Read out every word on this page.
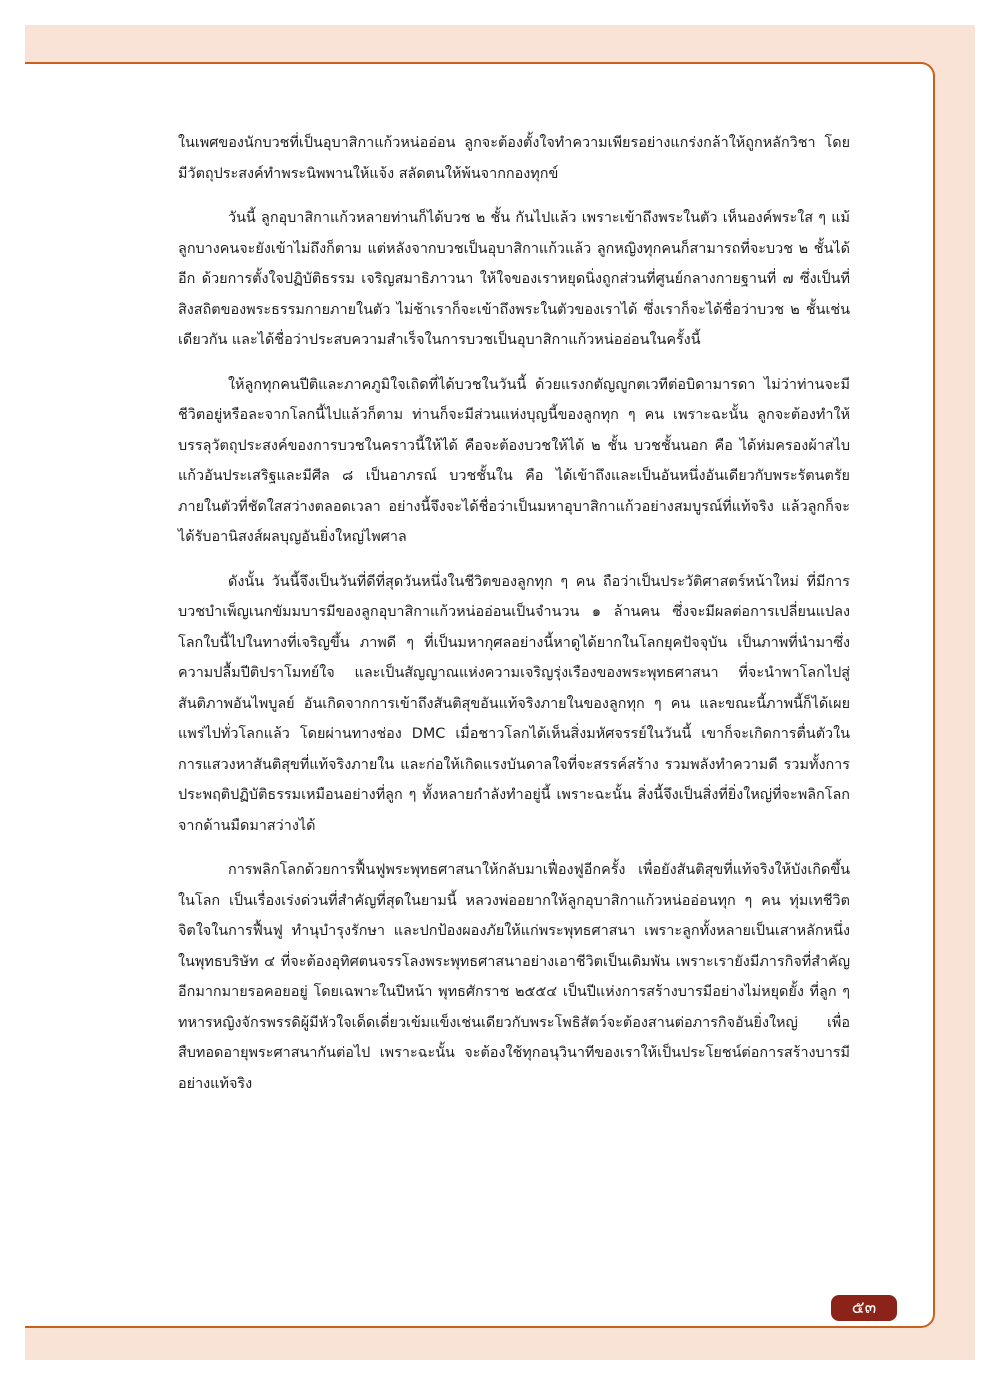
ในเพศของนักบวชที่เป็นอุบาสิกาแก้วหน่ออ่อน ลูกจะต้องตั้งใจทำความเพียรอย่างแกร่งกล้าให้ถูกหลักวิชา โดยมีวัตถุประสงค์ทำพระนิพพานให้แจ้ง สลัดตนให้พ้นจากกองทุกข์

วันนี้ ลูกอุบาสิกาแก้วหลายท่านก็ได้บวช ๒ ชั้น กันไปแล้ว เพราะเข้าถึงพระในตัว เห็นองค์พระใส ๆ แม้ลูกบางคนจะยังเข้าไม่ถึงก็ตาม แต่หลังจากบวชเป็นอุบาสิกาแก้วแล้ว ลูกหญิงทุกคนก็สามารถที่จะบวช ๒ ชั้นได้อีก ด้วยการตั้งใจปฏิบัติธรรม เจริญสมาธิภาวนา ให้ใจของเราหยุดนิ่งถูกส่วนที่ศูนย์กลางกายฐานที่ ๗ ซึ่งเป็นที่สิงสถิตของพระธรรมกายภายในตัว ไม่ช้าเราก็จะเข้าถึงพระในตัวของเราได้ ซึ่งเราก็จะได้ชื่อว่าบวช ๒ ชั้นเช่นเดียวกัน และได้ชื่อว่าประสบความสำเร็จในการบวชเป็นอุบาสิกาแก้วหน่ออ่อนในครั้งนี้

ให้ลูกทุกคนปีติและภาคภูมิใจเถิดที่ได้บวชในวันนี้ ด้วยแรงกตัญญูกตเวทีต่อบิดามารดา ไม่ว่าท่านจะมีชีวิตอยู่หรือละจากโลกนี้ไปแล้วก็ตาม ท่านก็จะมีส่วนแห่งบุญนี้ของลูกทุก ๆ คน เพราะฉะนั้น ลูกจะต้องทำให้บรรลุวัตถุประสงค์ของการบวชในคราวนี้ให้ได้ คือจะต้องบวชให้ได้ ๒ ชั้น บวชชั้นนอก คือ ได้ห่มครองผ้าสไบแก้วอันประเสริฐและมีศีล ๘ เป็นอาภรณ์ บวชชั้นใน คือ ได้เข้าถึงและเป็นอันหนึ่งอันเดียวกับพระรัตนตรัยภายในตัวที่ชัดใสสว่างตลอดเวลา อย่างนี้จึงจะได้ชื่อว่าเป็นมหาอุบาสิกาแก้วอย่างสมบูรณ์ที่แท้จริง แล้วลูกก็จะได้รับอานิสงส์ผลบุญอันยิ่งใหญ่ไพศาล

ดังนั้น วันนี้จึงเป็นวันที่ดีที่สุดวันหนึ่งในชีวิตของลูกทุก ๆ คน ถือว่าเป็นประวัติศาสตร์หน้าใหม่ ที่มีการบวชบำเพ็ญเนกขัมมบารมีของลูกอุบาสิกาแก้วหน่ออ่อนเป็นจำนวน ๑ ล้านคน ซึ่งจะมีผลต่อการเปลี่ยนแปลงโลกใบนี้ไปในทางที่เจริญขึ้น ภาพดี ๆ ที่เป็นมหากุศลอย่างนี้หาดูได้ยากในโลกยุคปัจจุบัน เป็นภาพที่นำมาซึ่งความปลื้มปีติปราโมทย์ใจ และเป็นสัญญาณแห่งความเจริญรุ่งเรืองของพระพุทธศาสนา ที่จะนำพาโลกไปสู่สันติภาพอันไพบูลย์ อันเกิดจากการเข้าถึงสันติสุขอันแท้จริงภายในของลูกทุก ๆ คน และขณะนี้ภาพนี้ก็ได้เผยแพร่ไปทั่วโลกแล้ว โดยผ่านทางช่อง DMC เมื่อชาวโลกได้เห็นสิ่งมหัศจรรย์ในวันนี้ เขาก็จะเกิดการตื่นตัวในการแสวงหาสันติสุขที่แท้จริงภายใน และก่อให้เกิดแรงบันดาลใจที่จะสรรค์สร้าง รวมพลังทำความดี รวมทั้งการประพฤติปฏิบัติธรรมเหมือนอย่างที่ลูก ๆ ทั้งหลายกำลังทำอยู่นี้ เพราะฉะนั้น สิ่งนี้จึงเป็นสิ่งที่ยิ่งใหญ่ที่จะพลิกโลกจากด้านมืดมาสว่างได้

การพลิกโลกด้วยการฟื้นฟูพระพุทธศาสนาให้กลับมาเฟื่องฟูอีกครั้ง เพื่อยังสันติสุขที่แท้จริงให้บังเกิดขึ้นในโลก เป็นเรื่องเร่งด่วนที่สำคัญที่สุดในยามนี้ หลวงพ่ออยากให้ลูกอุบาสิกาแก้วหน่ออ่อนทุก ๆ คน ทุ่มเทชีวิตจิตใจในการฟื้นฟู ทำนุบำรุงรักษา และปกป้องผองภัยให้แก่พระพุทธศาสนา เพราะลูกทั้งหลายเป็นเสาหลักหนึ่งในพุทธบริษัท ๔ ที่จะต้องอุทิศตนจรรโลงพระพุทธศาสนาอย่างเอาชีวิตเป็นเดิมพัน เพราะเรายังมีภารกิจที่สำคัญอีกมากมายรอคอยอยู่ โดยเฉพาะในปีหน้า พุทธศักราช ๒๕๕๔ เป็นปีแห่งการสร้างบารมีอย่างไม่หยุดยั้ง ที่ลูก ๆ ทหารหญิงจักรพรรดิผู้มีหัวใจเด็ดเดี่ยวเข้มแข็งเช่นเดียวกับพระโพธิสัตว์จะต้องสานต่อภารกิจอันยิ่งใหญ่ เพื่อสืบทอดอายุพระศาสนากันต่อไป เพราะฉะนั้น จะต้องใช้ทุกอนุวินาทีของเราให้เป็นประโยชน์ต่อการสร้างบารมีอย่างแท้จริง

๕๓
